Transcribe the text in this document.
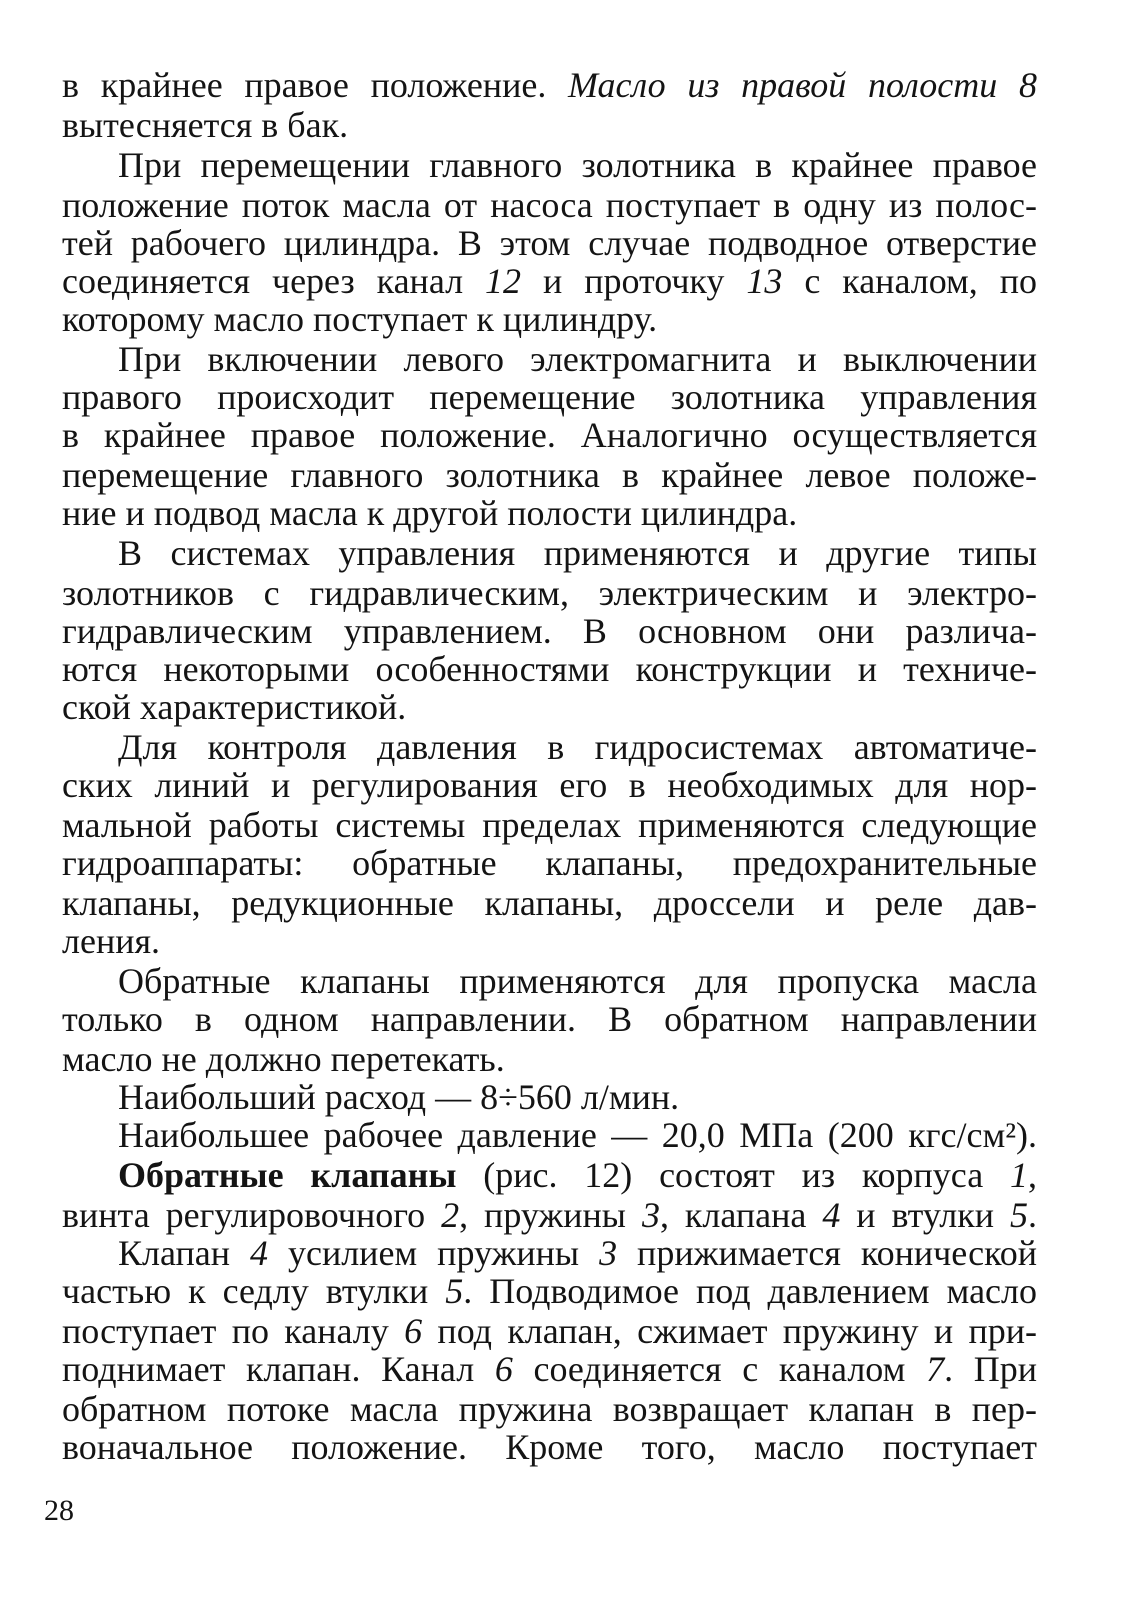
в крайнее правое положение. Масло из правой полости 8
вытесняется в бак.
При перемещении главного золотника в крайнее правое
положение поток масла от насоса поступает в одну из полос-
тей рабочего цилиндра. В этом случае подводное отверстие
соединяется через канал 12 и проточку 13 с каналом, по
которому масло поступает к цилиндру.
При включении левого электромагнита и выключении
правого происходит перемещение золотника управления
в крайнее правое положение. Аналогично осуществляется
перемещение главного золотника в крайнее левое положе-
ние и подвод масла к другой полости цилиндра.
В системах управления применяются и другие типы
золотников с гидравлическим, электрическим и электро-
гидравлическим управлением. В основном они различа-
ются некоторыми особенностями конструкции и техниче-
ской характеристикой.
Для контроля давления в гидросистемах автоматиче-
ских линий и регулирования его в необходимых для нор-
мальной работы системы пределах применяются следующие
гидроаппараты: обратные клапаны, предохранительные
клапаны, редукционные клапаны, дроссели и реле дав-
ления.
Обратные клапаны применяются для пропуска масла
только в одном направлении. В обратном направлении
масло не должно перетекать.
Наибольший расход — 8÷560 л/мин.
Наибольшее рабочее давление — 20,0 МПа (200 кгс/см²).
Обратные клапаны (рис. 12) состоят из корпуса 1,
винта регулировочного 2, пружины 3, клапана 4 и втулки 5.
Клапан 4 усилием пружины 3 прижимается конической
частью к седлу втулки 5. Подводимое под давлением масло
поступает по каналу 6 под клапан, сжимает пружину и при-
поднимает клапан. Канал 6 соединяется с каналом 7. При
обратном потоке масла пружина возвращает клапан в пер-
воначальное положение. Кроме того, масло поступает
28
